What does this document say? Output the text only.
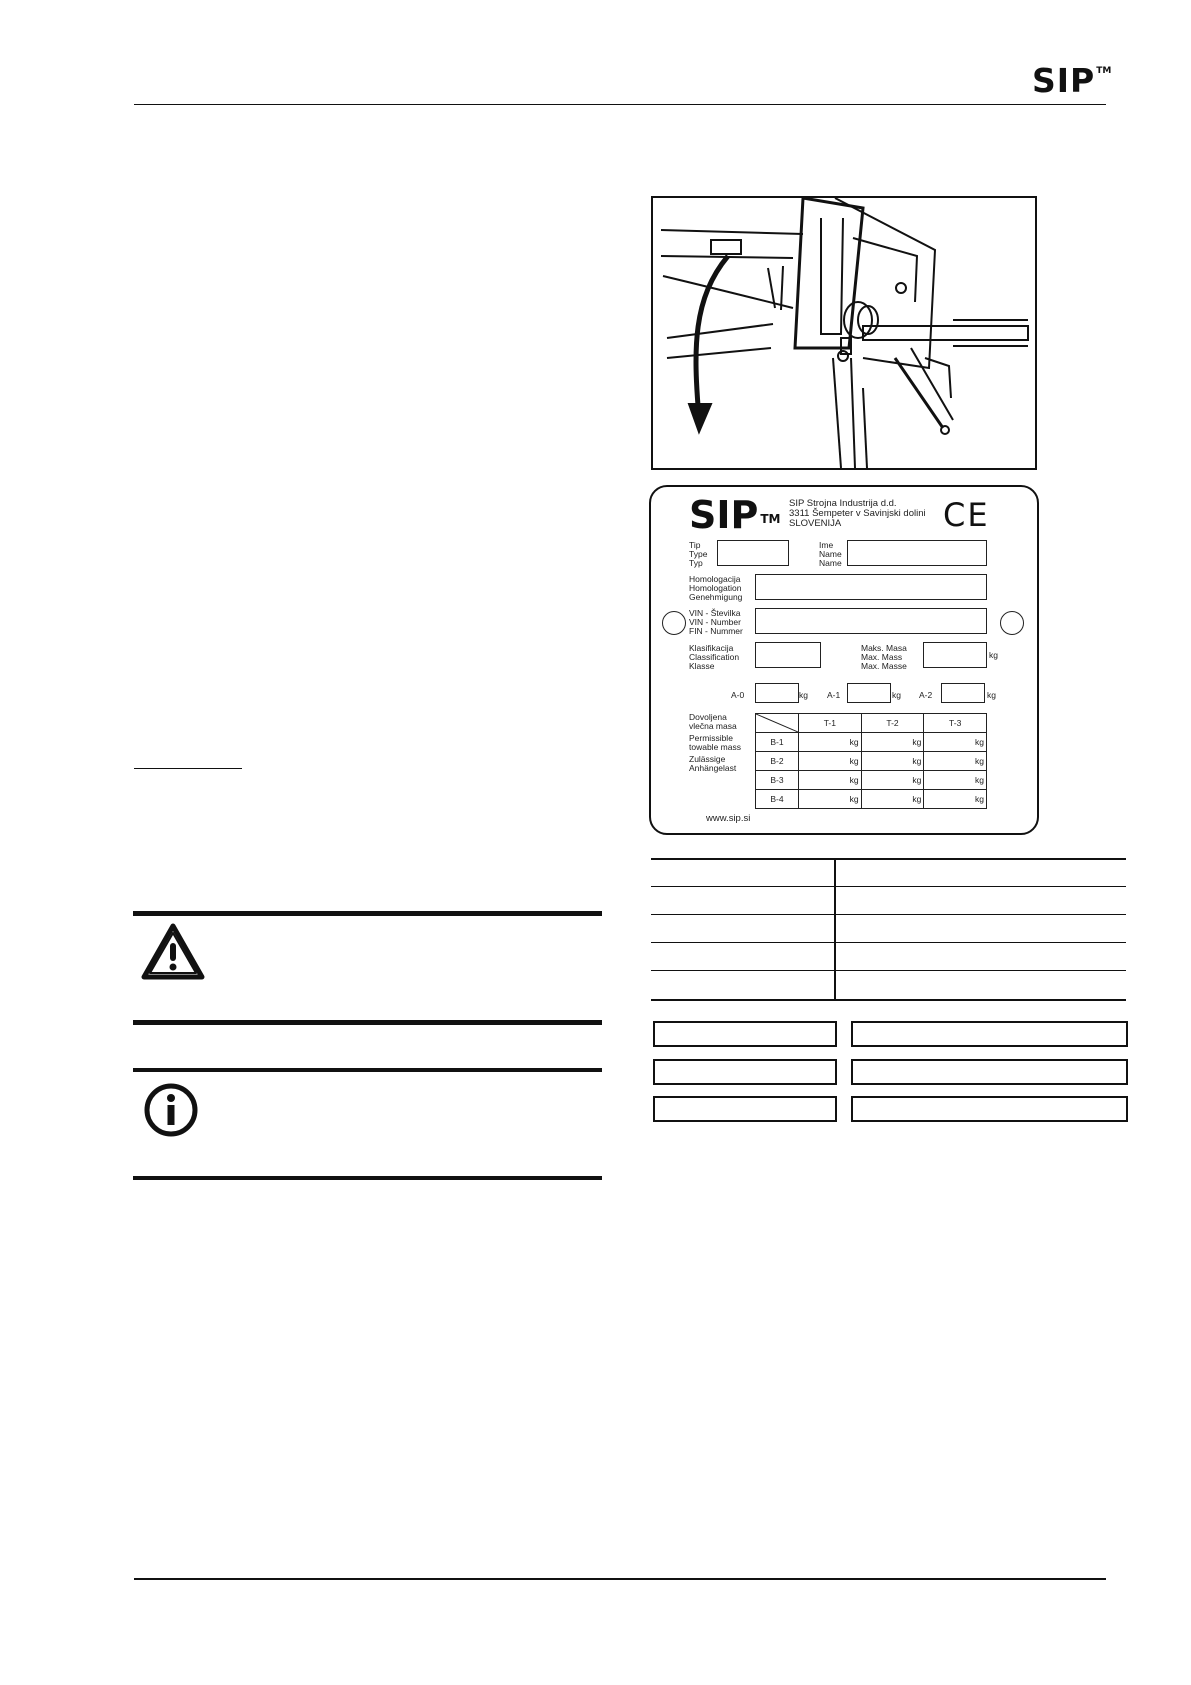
SIP™
SIP ™
SIP Strojna Industrija d.d.
3311 Šempeter v Savinjski dolini
SLOVENIJA	CE
Tip
Type
Typ
Ime
Name
Name
Homologacija
Homologation
Genehmigung
VIN - Številka
VIN - Number
FIN - Nummer
Klasifikacija
Classification
Klasse
Maks. Masa
Max. Mass
Max. Masse
kg
A-0	kg A-1	kg A-2	kg
Dovoljena
vlečna masa
Permissible
towable mass
Zulässige
Anhängelast
	T-1	T-2	T-3
B-1	kg	kg	kg
B-2	kg	kg	kg
B-3	kg	kg	kg
B-4	kg	kg	kg
www.sip.si
